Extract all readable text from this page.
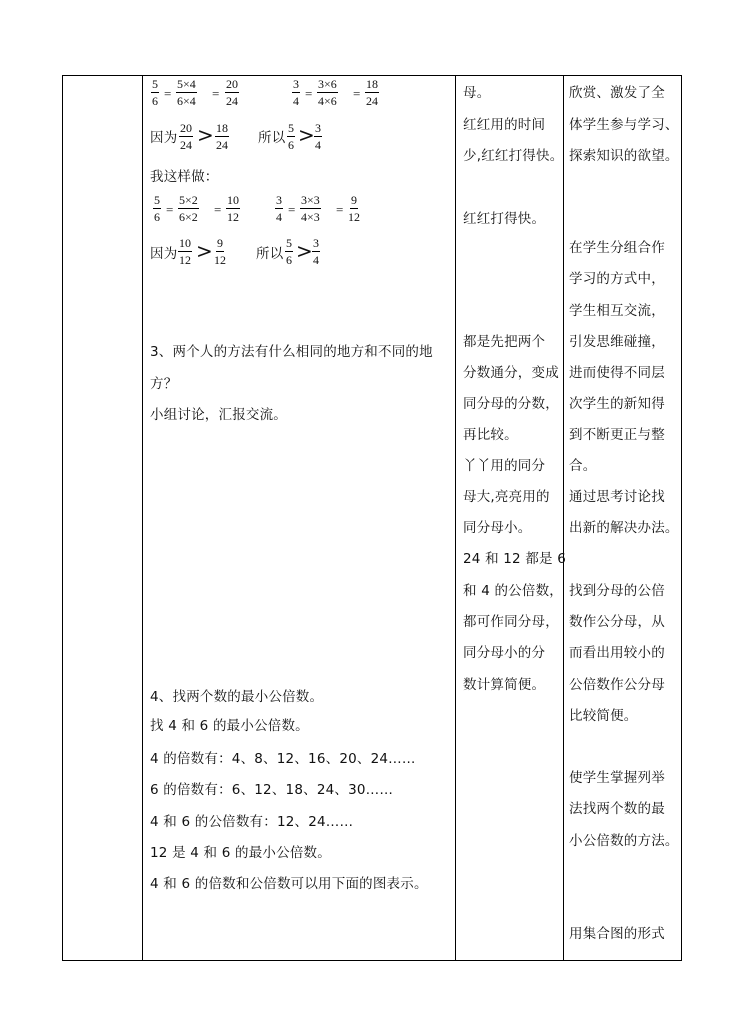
$\frac{5}{6} = \frac{5\times 4}{6\times 4} = \frac{20}{24}$	$\frac{3}{4} = \frac{3\times 6}{4\times 6} = \frac{18}{24}$
因为 $\frac{20}{24} > \frac{18}{24}$ 所以 $\frac{5}{6} > \frac{3}{4}$
我这样做：
$\frac{5}{6} = \frac{5\times 2}{6\times 2} = \frac{10}{12}$	$\frac{3}{4} = \frac{3\times 3}{4\times 3} = \frac{9}{12}$
因为 $\frac{10}{12} > \frac{9}{12}$ 所以 $\frac{5}{6} > \frac{3}{4}$
3、两个人的方法有什么相同的地方和不同的地
方？
小组讨论，汇报交流。
4、找两个数的最小公倍数。
找 4 和 6 的最小公倍数。
4 的倍数有：4、8、12、16、20、24……
6 的倍数有：6、12、18、24、30……
4 和 6 的公倍数有：12、24……
12 是 4 和 6 的最小公倍数。
4 和 6 的倍数和公倍数可以用下面的图表示。
母。
红红用的时间
少,红红打得快。
红红打得快。
都是先把两个
分数通分，变成
同分母的分数，
再比较。
丫丫用的同分
母大,亮亮用的
同分母小。
24 和 12 都是 6
和 4 的公倍数，
都可作同分母，
同分母小的分
数计算简便。
欣赏、激发了全
体学生参与学习、
探索知识的欲望。
在学生分组合作
学习的方式中，
学生相互交流，
引发思维碰撞，
进而使得不同层
次学生的新知得
到不断更正与整
合。
通过思考讨论找
出新的解决办法。
找到分母的公倍
数作公分母，从
而看出用较小的
公倍数作公分母
比较简便。
使学生掌握列举
法找两个数的最
小公倍数的方法。
用集合图的形式
